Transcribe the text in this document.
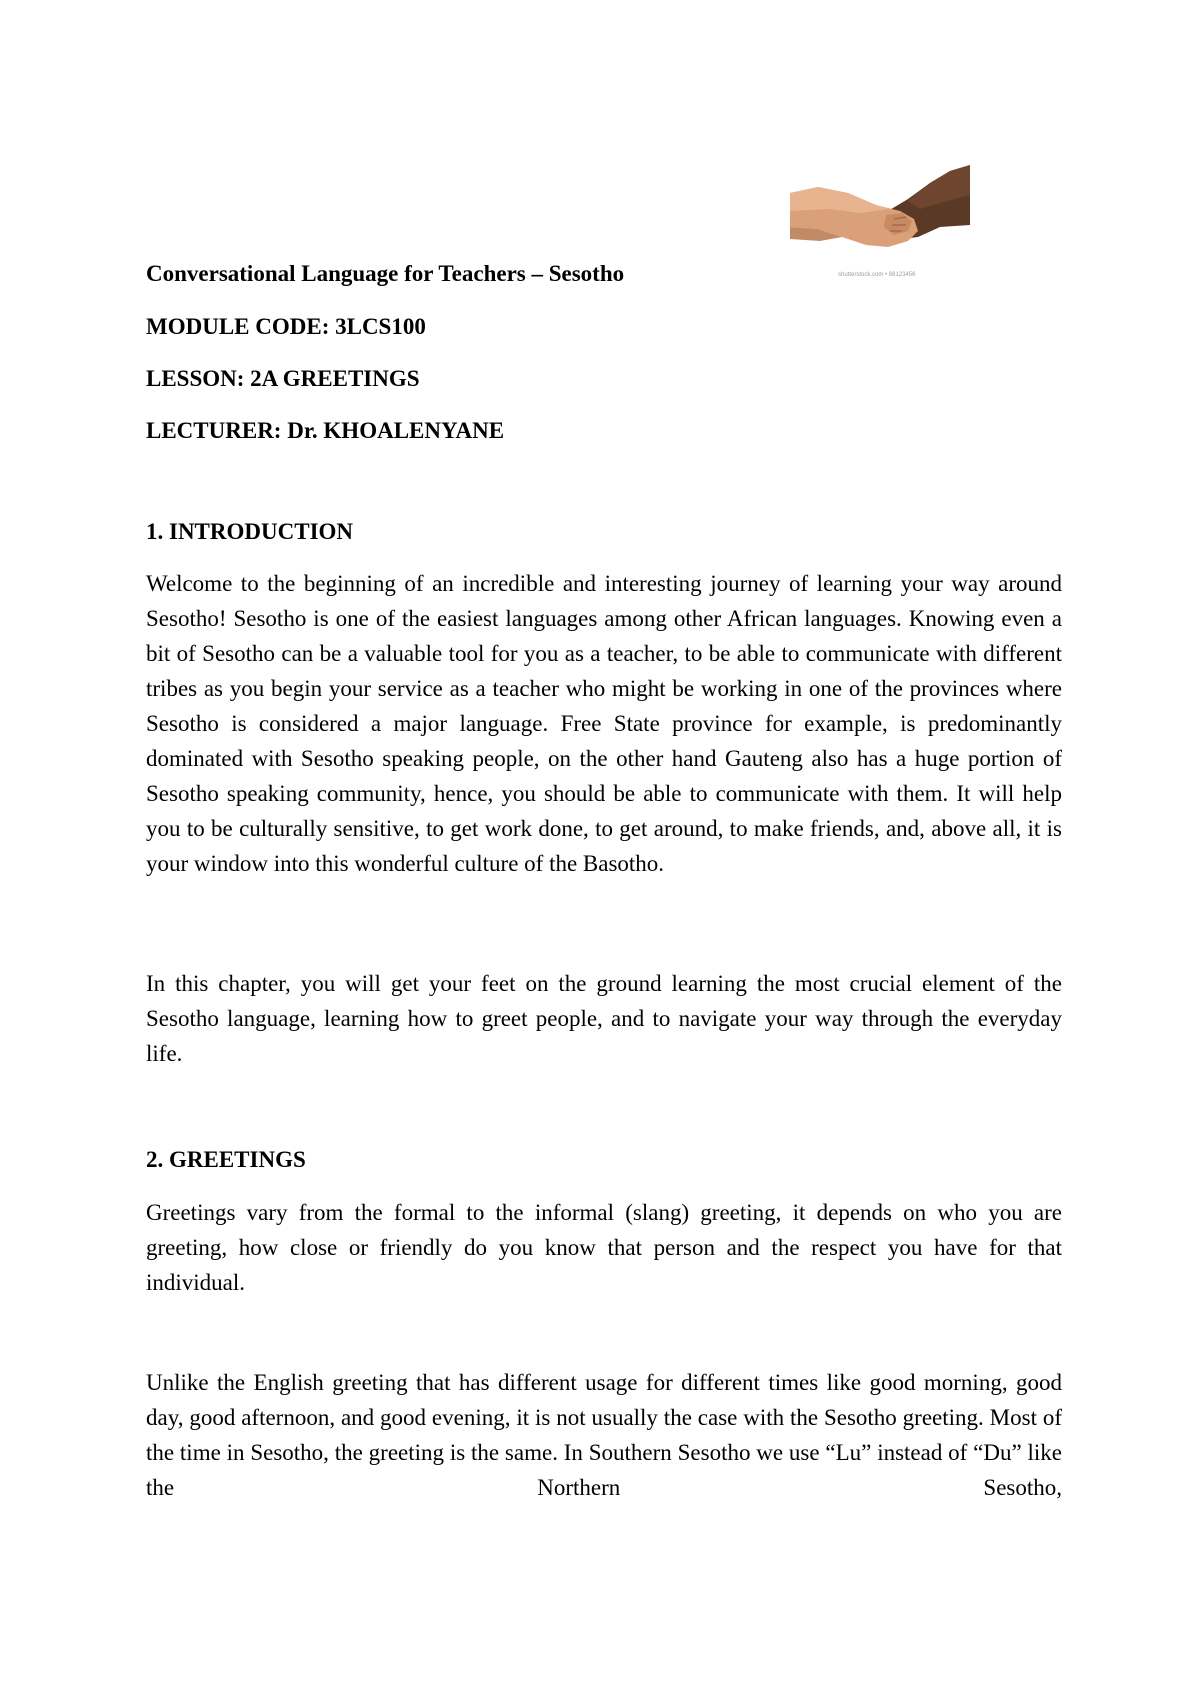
shutterstock.com • 88123456

Conversational Language for Teachers – Sesotho

MODULE CODE: 3LCS100

LESSON: 2A GREETINGS

LECTURER: Dr. KHOALENYANE

1. INTRODUCTION

Welcome to the beginning of an incredible and interesting journey of learning your way around Sesotho! Sesotho is one of the easiest languages among other African languages. Knowing even a bit of Sesotho can be a valuable tool for you as a teacher, to be able to communicate with different tribes as you begin your service as a teacher who might be working in one of the provinces where Sesotho is considered a major language. Free State province for example, is predominantly dominated with Sesotho speaking people, on the other hand Gauteng also has a huge portion of Sesotho speaking community, hence, you should be able to communicate with them. It will help you to be culturally sensitive, to get work done, to get around, to make friends, and, above all, it is your window into this wonderful culture of the Basotho.

In this chapter, you will get your feet on the ground learning the most crucial element of the Sesotho language, learning how to greet people, and to navigate your way through the everyday life.

2. GREETINGS

Greetings vary from the formal to the informal (slang) greeting, it depends on who you are greeting, how close or friendly do you know that person and the respect you have for that individual.

Unlike the English greeting that has different usage for different times like good morning, good day, good afternoon, and good evening, it is not usually the case with the Sesotho greeting. Most of the time in Sesotho, the greeting is the same. In Southern Sesotho we use “Lu” instead of “Du” like the Northern Sesotho,
